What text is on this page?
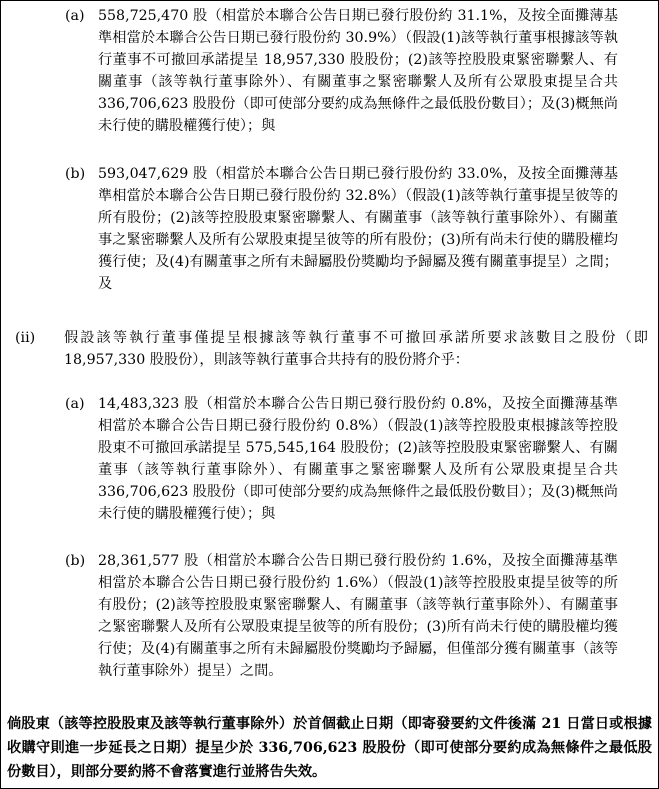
(a) 558,725,470 股（相當於本聯合公告日期已發行股份約 31.1%，及按全面攤薄基準相當於本聯合公告日期已發行股份約 30.9%）（假設(1)該等執行董事根據該等執行董事不可撤回承諾提呈 18,957,330 股股份；(2)該等控股股東緊密聯繫人、有關董事（該等執行董事除外）、有關董事之緊密聯繫人及所有公眾股東提呈合共 336,706,623 股股份（即可使部分要約成為無條件之最低股份數目）；及(3)概無尚未行使的購股權獲行使）；與
(b) 593,047,629 股（相當於本聯合公告日期已發行股份約 33.0%，及按全面攤薄基準相當於本聯合公告日期已發行股份約 32.8%）（假設(1)該等執行董事提呈彼等的所有股份；(2)該等控股股東緊密聯繫人、有關董事（該等執行董事除外）、有關董事之緊密聯繫人及所有公眾股東提呈彼等的所有股份；(3)所有尚未行使的購股權均獲行使；及(4)有關董事之所有未歸屬股份獎勵均予歸屬及獲有關董事提呈）之間；及
(ii) 假設該等執行董事僅提呈根據該等執行董事不可撤回承諾所要求該數目之股份（即 18,957,330 股股份），則該等執行董事合共持有的股份將介乎：
(a) 14,483,323 股（相當於本聯合公告日期已發行股份約 0.8%，及按全面攤薄基準相當於本聯合公告日期已發行股份約 0.8%）（假設(1)該等控股股東根據該等控股股東不可撤回承諾提呈 575,545,164 股股份；(2)該等控股股東緊密聯繫人、有關董事（該等執行董事除外）、有關董事之緊密聯繫人及所有公眾股東提呈合共 336,706,623 股股份（即可使部分要約成為無條件之最低股份數目）；及(3)概無尚未行使的購股權獲行使）；與
(b) 28,361,577 股（相當於本聯合公告日期已發行股份約 1.6%，及按全面攤薄基準相當於本聯合公告日期已發行股份約 1.6%）（假設(1)該等控股股東提呈彼等的所有股份；(2)該等控股股東緊密聯繫人、有關董事（該等執行董事除外）、有關董事之緊密聯繫人及所有公眾股東提呈彼等的所有股份；(3)所有尚未行使的購股權均獲行使；及(4)有關董事之所有未歸屬股份獎勵均予歸屬，但僅部分獲有關董事（該等執行董事除外）提呈）之間。
倘股東（該等控股股東及該等執行董事除外）於首個截止日期（即寄發要約文件後滿 21 日當日或根據收購守則進一步延長之日期）提呈少於 336,706,623 股股份（即可使部分要約成為無條件之最低股份數目），則部分要約將不會落實進行並將告失效。
